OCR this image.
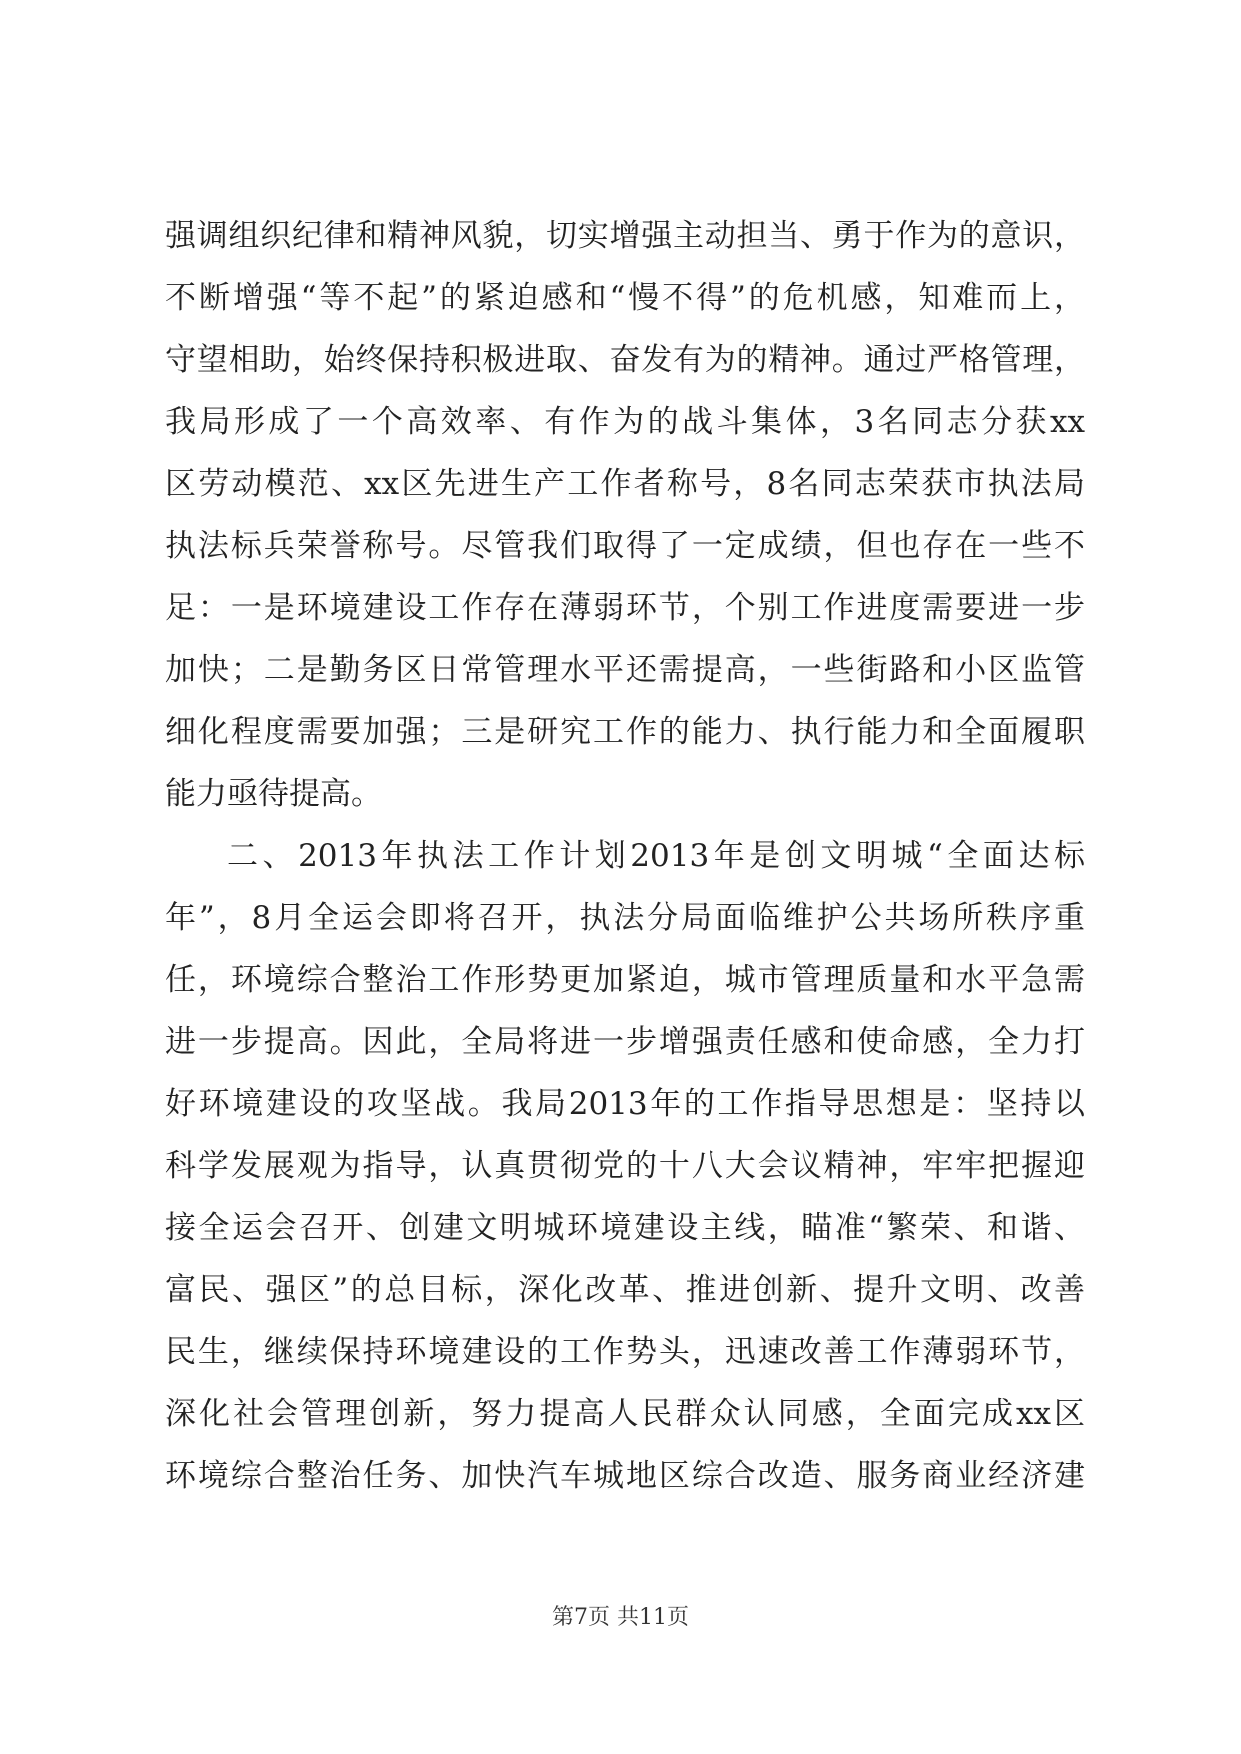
强调组织纪律和精神风貌，切实增强主动担当、勇于作为的意识，
不断增强“等不起”的紧迫感和“慢不得”的危机感，知难而上，
守望相助，始终保持积极进取、奋发有为的精神。通过严格管理，
我局形成了一个高效率、有作为的战斗集体，3名同志分获xx
区劳动模范、xx区先进生产工作者称号，8名同志荣获市执法局
执法标兵荣誉称号。尽管我们取得了一定成绩，但也存在一些不
足：一是环境建设工作存在薄弱环节，个别工作进度需要进一步
加快；二是勤务区日常管理水平还需提高，一些街路和小区监管
细化程度需要加强；三是研究工作的能力、执行能力和全面履职
能力亟待提高。
二、2013年执法工作计划2013年是创文明城“全面达标
年”，8月全运会即将召开，执法分局面临维护公共场所秩序重
任，环境综合整治工作形势更加紧迫，城市管理质量和水平急需
进一步提高。因此，全局将进一步增强责任感和使命感，全力打
好环境建设的攻坚战。我局2013年的工作指导思想是：坚持以
科学发展观为指导，认真贯彻党的十八大会议精神，牢牢把握迎
接全运会召开、创建文明城环境建设主线，瞄准“繁荣、和谐、
富民、强区”的总目标，深化改革、推进创新、提升文明、改善
民生，继续保持环境建设的工作势头，迅速改善工作薄弱环节，
深化社会管理创新，努力提高人民群众认同感，全面完成xx区
环境综合整治任务、加快汽车城地区综合改造、服务商业经济建
第7页 共11页
